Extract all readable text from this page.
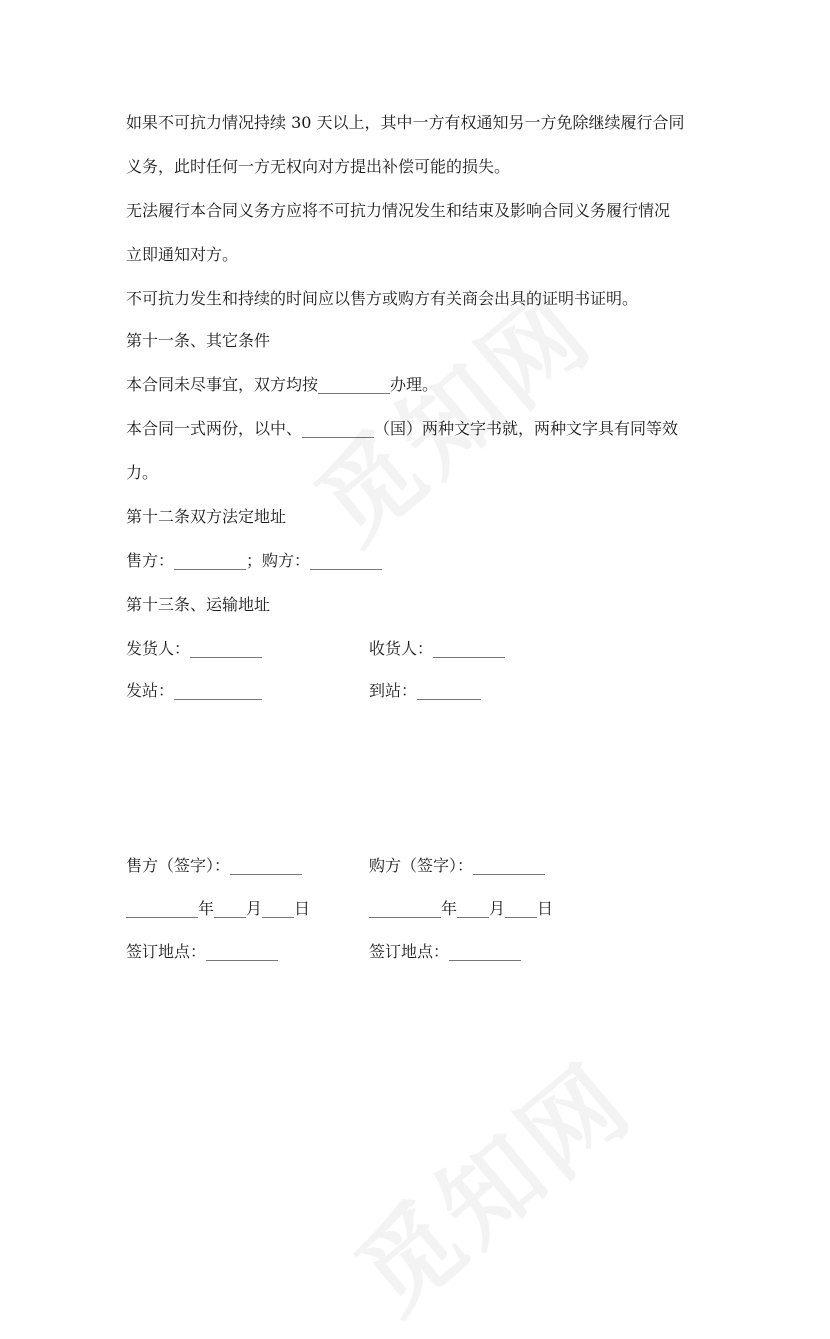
如果不可抗力情况持续 30 天以上，其中一方有权通知另一方免除继续履行合同
义务，此时任何一方无权向对方提出补偿可能的损失。
无法履行本合同义务方应将不可抗力情况发生和结束及影响合同义务履行情况
立即通知对方。
不可抗力发生和持续的时间应以售方或购方有关商会出具的证明书证明。
第十一条、其它条件
本合同未尽事宜，双方均按_________办理。
本合同一式两份，以中、_________（国）两种文字书就，两种文字具有同等效
力。
第十二条双方法定地址
售方：_________；购方：_________
第十三条、运输地址
发货人：_________	收货人：_________
发站：___________	到站：________
售方（签字）：_________	购方（签字）：_________
_________年____月____日	_________年____月____日
签订地点：_________	签订地点：_________
